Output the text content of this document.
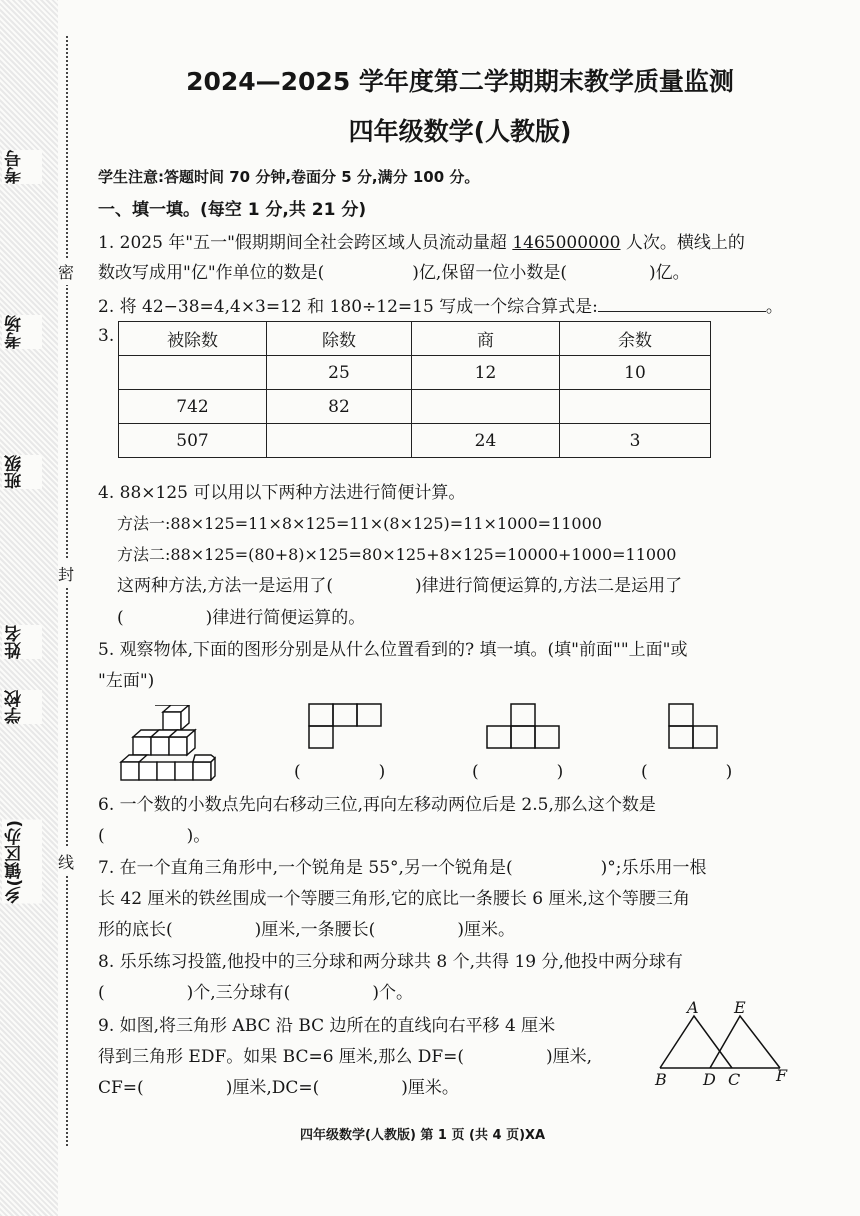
考号
考场
班级
姓名
学校
乡(镇区办)
密
封
线
2024—2025 学年度第二学期期末教学质量监测
四年级数学(人教版)
学生注意:答题时间 70 分钟,卷面分 5 分,满分 100 分。
一、填一填。(每空 1 分,共 21 分)
1. 2025 年"五一"假期期间全社会跨区域人员流动量超 1465000000 人次。横线上的
数改写成用"亿"作单位的数是(	)亿,保留一位小数是(	)亿。
2. 将 42−38=4,4×3=12 和 180÷12=15 写成一个综合算式是:	。
3.	被除数	除数	商	余数
	25	12	10
742	82		
507		24	3
4. 88×125 可以用以下两种方法进行简便计算。
方法一:88×125=11×8×125=11×(8×125)=11×1000=11000
方法二:88×125=(80+8)×125=80×125+8×125=10000+1000=11000
这两种方法,方法一是运用了(	)律进行简便运算的,方法二是运用了
(	)律进行简便运算的。
5. 观察物体,下面的图形分别是从什么位置看到的? 填一填。(填"前面""上面"或
"左面")
(	)	(	)	(	)
6. 一个数的小数点先向右移动三位,再向左移动两位后是 2.5,那么这个数是
(	)。
7. 在一个直角三角形中,一个锐角是 55°,另一个锐角是(	)°;乐乐用一根
长 42 厘米的铁丝围成一个等腰三角形,它的底比一条腰长 6 厘米,这个等腰三角
形的底长(	)厘米,一条腰长(	)厘米。
8. 乐乐练习投篮,他投中的三分球和两分球共 8 个,共得 19 分,他投中两分球有
(	)个,三分球有(	)个。
9. 如图,将三角形 ABC 沿 BC 边所在的直线向右平移 4 厘米
得到三角形 EDF。如果 BC=6 厘米,那么 DF=(	)厘米,
CF=(	)厘米,DC=(	)厘米。
A E
B D C F
四年级数学(人教版) 第 1 页 (共 4 页)XA
